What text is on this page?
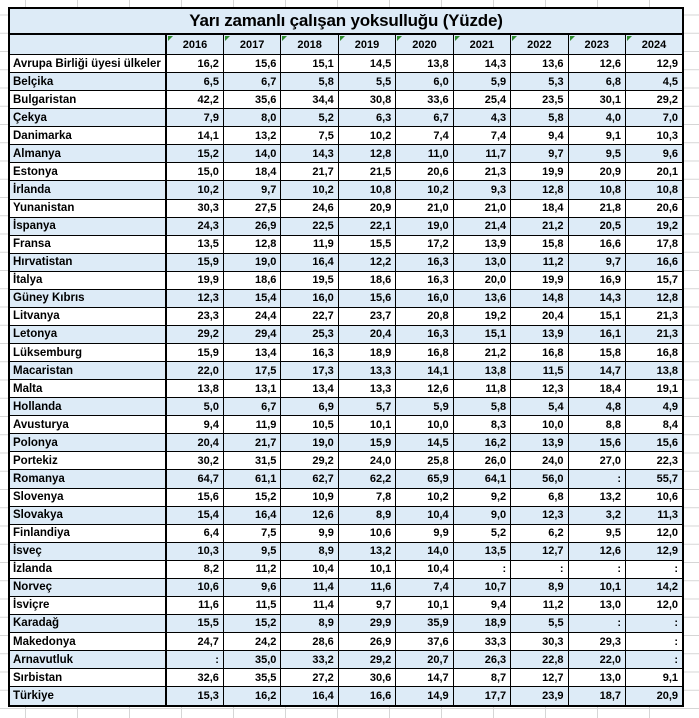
Yarı zamanlı çalışan yoksulluğu (Yüzde)									

2016	2017	2018	2019	2020	2021	2022	2023	2024
Avrupa Birliği üyesi ülkeler	16,2	15,6	15,1	14,5	13,8	14,3	13,6	12,6	12,9
Belçika	6,5	6,7	5,8	5,5	6,0	5,9	5,3	6,8	4,5
Bulgaristan	42,2	35,6	34,4	30,8	33,6	25,4	23,5	30,1	29,2
Çekya	7,9	8,0	5,2	6,3	6,7	4,3	5,8	4,0	7,0
Danimarka	14,1	13,2	7,5	10,2	7,4	7,4	9,4	9,1	10,3
Almanya	15,2	14,0	14,3	12,8	11,0	11,7	9,7	9,5	9,6
Estonya	15,0	18,4	21,7	21,5	20,6	21,3	19,9	20,9	20,1
İrlanda	10,2	9,7	10,2	10,8	10,2	9,3	12,8	10,8	10,8
Yunanistan	30,3	27,5	24,6	20,9	21,0	21,0	18,4	21,8	20,6
İspanya	24,3	26,9	22,5	22,1	19,0	21,4	21,2	20,5	19,2
Fransa	13,5	12,8	11,9	15,5	17,2	13,9	15,8	16,6	17,8
Hırvatistan	15,9	19,0	16,4	12,2	16,3	13,0	11,2	9,7	16,6
İtalya	19,9	18,6	19,5	18,6	16,3	20,0	19,9	16,9	15,7
Güney Kıbrıs	12,3	15,4	16,0	15,6	16,0	13,6	14,8	14,3	12,8
Litvanya	23,3	24,4	22,7	23,7	20,8	19,2	20,4	15,1	21,3
Letonya	29,2	29,4	25,3	20,4	16,3	15,1	13,9	16,1	21,3
Lüksemburg	15,9	13,4	16,3	18,9	16,8	21,2	16,8	15,8	16,8
Macaristan	22,0	17,5	17,3	13,3	14,1	13,8	11,5	14,7	13,8
Malta	13,8	13,1	13,4	13,3	12,6	11,8	12,3	18,4	19,1
Hollanda	5,0	6,7	6,9	5,7	5,9	5,8	5,4	4,8	4,9
Avusturya	9,4	11,9	10,5	10,1	10,0	8,3	10,0	8,8	8,4
Polonya	20,4	21,7	19,0	15,9	14,5	16,2	13,9	15,6	15,6
Portekiz	30,2	31,5	29,2	24,0	25,8	26,0	24,0	27,0	22,3
Romanya	64,7	61,1	62,7	62,2	65,9	64,1	56,0	:	55,7
Slovenya	15,6	15,2	10,9	7,8	10,2	9,2	6,8	13,2	10,6
Slovakya	15,4	16,4	12,6	8,9	10,4	9,0	12,3	3,2	11,3
Finlandiya	6,4	7,5	9,9	10,6	9,9	5,2	6,2	9,5	12,0
İsveç	10,3	9,5	8,9	13,2	14,0	13,5	12,7	12,6	12,9
İzlanda	8,2	11,2	10,4	10,1	10,4	:	:	:	:
Norveç	10,6	9,6	11,4	11,6	7,4	10,7	8,9	10,1	14,2
İsviçre	11,6	11,5	11,4	9,7	10,1	9,4	11,2	13,0	12,0
Karadağ	15,5	15,2	8,9	29,9	35,9	18,9	5,5	:	:
Makedonya	24,7	24,2	28,6	26,9	37,6	33,3	30,3	29,3	:
Arnavutluk	:	35,0	33,2	29,2	20,7	26,3	22,8	22,0	:
Sırbistan	32,6	35,5	27,2	30,6	14,7	8,7	12,7	13,0	9,1
Türkiye	15,3	16,2	16,4	16,6	14,9	17,7	23,9	18,7	20,9
